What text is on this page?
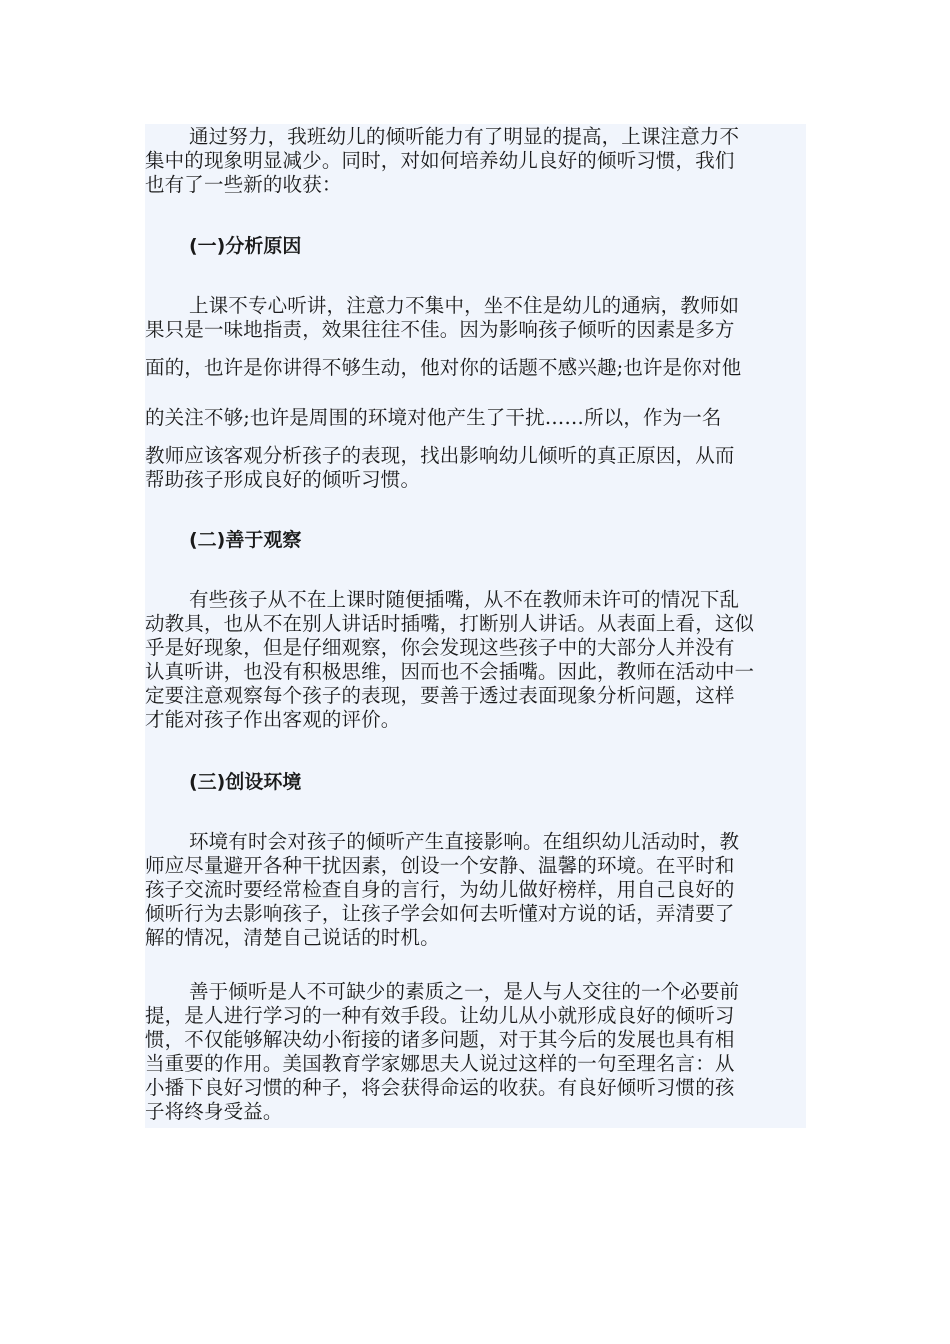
通过努力，我班幼儿的倾听能力有了明显的提高，上课注意力不
集中的现象明显减少。同时，对如何培养幼儿良好的倾听习惯，我们
也有了一些新的收获：
(一)分析原因
上课不专心听讲，注意力不集中，坐不住是幼儿的通病，教师如
果只是一味地指责，效果往往不佳。因为影响孩子倾听的因素是多方
面的，也许是你讲得不够生动，他对你的话题不感兴趣;也许是你对他
的关注不够;也许是周围的环境对他产生了干扰……所以，作为一名
教师应该客观分析孩子的表现，找出影响幼儿倾听的真正原因，从而
帮助孩子形成良好的倾听习惯。
(二)善于观察
有些孩子从不在上课时随便插嘴，从不在教师未许可的情况下乱
动教具，也从不在别人讲话时插嘴，打断别人讲话。从表面上看，这似
乎是好现象，但是仔细观察，你会发现这些孩子中的大部分人并没有
认真听讲，也没有积极思维，因而也不会插嘴。因此，教师在活动中一
定要注意观察每个孩子的表现，要善于透过表面现象分析问题，这样
才能对孩子作出客观的评价。
(三)创设环境
环境有时会对孩子的倾听产生直接影响。在组织幼儿活动时，教
师应尽量避开各种干扰因素，创设一个安静、温馨的环境。在平时和
孩子交流时要经常检查自身的言行，为幼儿做好榜样，用自己良好的
倾听行为去影响孩子，让孩子学会如何去听懂对方说的话，弄清要了
解的情况，清楚自己说话的时机。
善于倾听是人不可缺少的素质之一，是人与人交往的一个必要前
提，是人进行学习的一种有效手段。让幼儿从小就形成良好的倾听习
惯，不仅能够解决幼小衔接的诸多问题，对于其今后的发展也具有相
当重要的作用。美国教育学家娜思夫人说过这样的一句至理名言：从
小播下良好习惯的种子，将会获得命运的收获。有良好倾听习惯的孩
子将终身受益。
